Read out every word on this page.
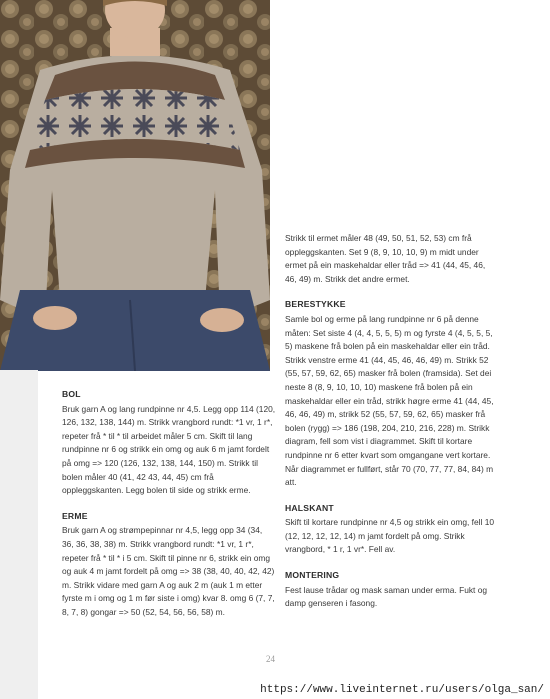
Strikk til ermet måler 48 (49, 50, 51, 52, 53) cm frå oppleggskanten. Set 9 (8, 9, 10, 10, 9) m midt under ermet på ein maskehaldar eller tråd => 41 (44, 45, 46, 46, 49) m. Strikk det andre ermet.

BERESTYKKE

Samle bol og erme på lang rundpinne nr 6 på denne måten: Set siste 4 (4, 4, 5, 5, 5) m og fyrste 4 (4, 5, 5, 5, 5) maskene frå bolen på ein maskehaldar eller ein tråd. Strikk venstre erme 41 (44, 45, 46, 46, 49) m. Strikk 52 (55, 57, 59, 62, 65) masker frå bolen (framsida). Set dei neste 8 (8, 9, 10, 10, 10) maskene frå bolen på ein maskehaldar eller ein tråd, strikk høgre erme 41 (44, 45, 46, 46, 49) m, strikk 52 (55, 57, 59, 62, 65) masker frå bolen (rygg) => 186 (198, 204, 210, 216, 228) m. Strikk diagram, fell som vist i diagrammet. Skift til kortare rundpinne nr 6 etter kvart som omgangane vert kortare. Når diagrammet er fullført, står 70 (70, 77, 77, 84, 84) m att.

HALSKANT

Skift til kortare rundpinne nr 4,5 og strikk ein omg, fell 10 (12, 12, 12, 12, 14) m jamt fordelt på omg. Strikk vrangbord, * 1 r, 1 vr*. Fell av.

MONTERING

Fest lause trådar og mask saman under erma. Fukt og damp genseren i fasong.

BOL

Bruk garn A og lang rundpinne nr 4,5. Legg opp 114 (120, 126, 132, 138, 144) m. Strikk vrangbord rundt: *1 vr, 1 r*, repeter frå * til * til arbeidet måler 5 cm. Skift til lang rundpinne nr 6 og strikk ein omg og auk 6 m jamt fordelt på omg => 120 (126, 132, 138, 144, 150) m. Strikk til bolen måler 40 (41, 42 43, 44, 45) cm frå oppleggskanten. Legg bolen til side og strikk erme.

ERME

Bruk garn A og strømpepinnar nr 4,5, legg opp 34 (34, 36, 36, 38, 38) m. Strikk vrangbord rundt: *1 vr, 1 r*, repeter frå * til * i 5 cm. Skift til pinne nr 6, strikk ein omg og auk 4 m jamt fordelt på omg => 38 (38, 40, 40, 42, 42) m. Strikk vidare med garn A og auk 2 m (auk 1 m etter fyrste m i omg og 1 m før siste i omg) kvar 8. omg 6 (7, 7, 8, 7, 8) gongar => 50 (52, 54, 56, 56, 58) m.

24
https://www.liveinternet.ru/users/olga_san/
